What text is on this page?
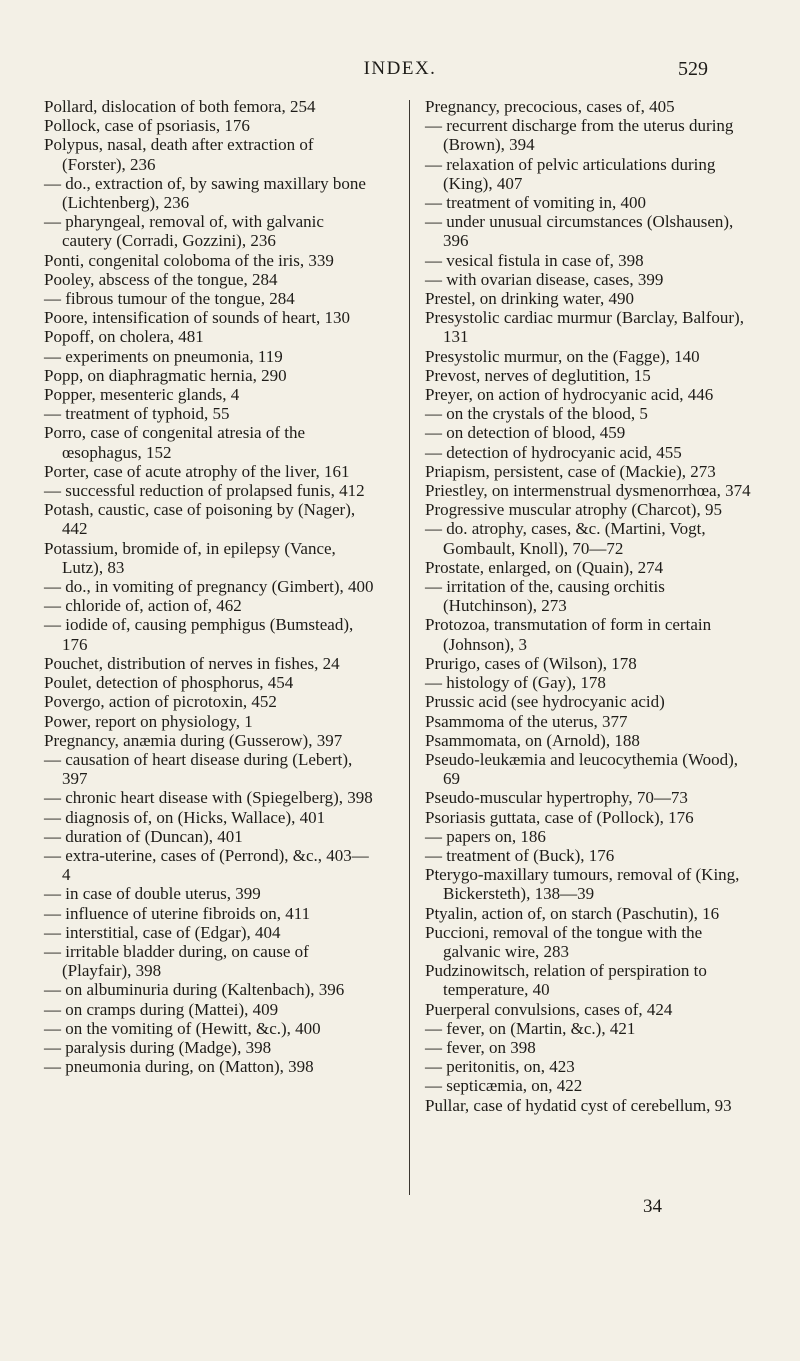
INDEX.	529

Pollard, dislocation of both femora, 254

Pollock, case of psoriasis, 176

Polypus, nasal, death after extraction of (Forster), 236

— do., extraction of, by sawing maxillary bone (Lichtenberg), 236

— pharyngeal, removal of, with galvanic cautery (Corradi, Gozzini), 236

Ponti, congenital coloboma of the iris, 339

Pooley, abscess of the tongue, 284

— fibrous tumour of the tongue, 284

Poore, intensification of sounds of heart, 130

Popoff, on cholera, 481

— experiments on pneumonia, 119

Popp, on diaphragmatic hernia, 290

Popper, mesenteric glands, 4

— treatment of typhoid, 55

Porro, case of congenital atresia of the œsophagus, 152

Porter, case of acute atrophy of the liver, 161

— successful reduction of prolapsed funis, 412

Potash, caustic, case of poisoning by (Nager), 442

Potassium, bromide of, in epilepsy (Vance, Lutz), 83

— do., in vomiting of pregnancy (Gimbert), 400

— chloride of, action of, 462

— iodide of, causing pemphigus (Bumstead), 176

Pouchet, distribution of nerves in fishes, 24

Poulet, detection of phosphorus, 454

Povergo, action of picrotoxin, 452

Power, report on physiology, 1

Pregnancy, anæmia during (Gusserow), 397

— causation of heart disease during (Lebert), 397

— chronic heart disease with (Spiegelberg), 398

— diagnosis of, on (Hicks, Wallace), 401

— duration of (Duncan), 401

— extra-uterine, cases of (Perrond), &c., 403—4

— in case of double uterus, 399

— influence of uterine fibroids on, 411

— interstitial, case of (Edgar), 404

— irritable bladder during, on cause of (Playfair), 398

— on albuminuria during (Kaltenbach), 396

— on cramps during (Mattei), 409

— on the vomiting of (Hewitt, &c.), 400

— paralysis during (Madge), 398

— pneumonia during, on (Matton), 398

Pregnancy, precocious, cases of, 405

— recurrent discharge from the uterus during (Brown), 394

— relaxation of pelvic articulations during (King), 407

— treatment of vomiting in, 400

— under unusual circumstances (Olshausen), 396

— vesical fistula in case of, 398

— with ovarian disease, cases, 399

Prestel, on drinking water, 490

Presystolic cardiac murmur (Barclay, Balfour), 131

Presystolic murmur, on the (Fagge), 140

Prevost, nerves of deglutition, 15

Preyer, on action of hydrocyanic acid, 446

— on the crystals of the blood, 5

— on detection of blood, 459

— detection of hydrocyanic acid, 455

Priapism, persistent, case of (Mackie), 273

Priestley, on intermenstrual dysmenorrhœa, 374

Progressive muscular atrophy (Charcot), 95

— do. atrophy, cases, &c. (Martini, Vogt, Gombault, Knoll), 70—72

Prostate, enlarged, on (Quain), 274

— irritation of the, causing orchitis (Hutchinson), 273

Protozoa, transmutation of form in certain (Johnson), 3

Prurigo, cases of (Wilson), 178

— histology of (Gay), 178

Prussic acid (see hydrocyanic acid)

Psammoma of the uterus, 377

Psammomata, on (Arnold), 188

Pseudo-leukæmia and leucocythemia (Wood), 69

Pseudo-muscular hypertrophy, 70—73

Psoriasis guttata, case of (Pollock), 176

— papers on, 186

— treatment of (Buck), 176

Pterygo-maxillary tumours, removal of (King, Bickersteth), 138—39

Ptyalin, action of, on starch (Paschutin), 16

Puccioni, removal of the tongue with the galvanic wire, 283

Pudzinowitsch, relation of perspiration to temperature, 40

Puerperal convulsions, cases of, 424

— fever, on (Martin, &c.), 421

— fever, on 398

— peritonitis, on, 423

— septicæmia, on, 422

Pullar, case of hydatid cyst of cerebellum, 93

34
